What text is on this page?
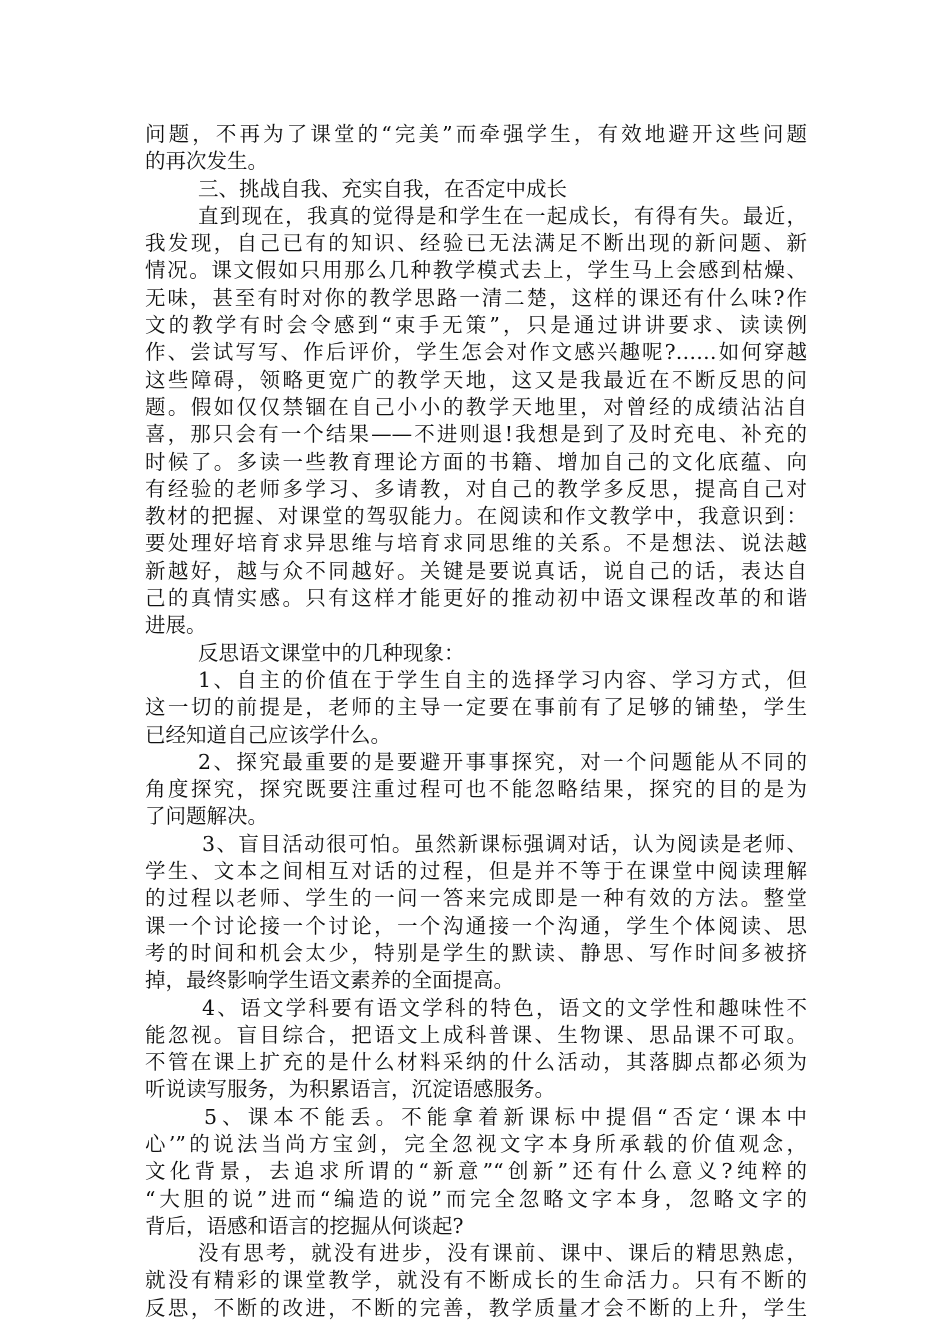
问题，不再为了课堂的“完美”而牵强学生，有效地避开这些问题
的再次发生。
三、挑战自我、充实自我，在否定中成长
直到现在，我真的觉得是和学生在一起成长，有得有失。最近，
我发现，自己已有的知识、经验已无法满足不断出现的新问题、新
情况。课文假如只用那么几种教学模式去上，学生马上会感到枯燥、
无味，甚至有时对你的教学思路一清二楚，这样的课还有什么味?作
文的教学有时会令感到“束手无策”，只是通过讲讲要求、读读例
作、尝试写写、作后评价，学生怎会对作文感兴趣呢?……如何穿越
这些障碍，领略更宽广的教学天地，这又是我最近在不断反思的问
题。假如仅仅禁锢在自己小小的教学天地里，对曾经的成绩沾沾自
喜，那只会有一个结果——不进则退!我想是到了及时充电、补充的
时候了。多读一些教育理论方面的书籍、增加自己的文化底蕴、向
有经验的老师多学习、多请教，对自己的教学多反思，提高自己对
教材的把握、对课堂的驾驭能力。在阅读和作文教学中，我意识到：
要处理好培育求异思维与培育求同思维的关系。不是想法、说法越
新越好，越与众不同越好。关键是要说真话，说自己的话，表达自
己的真情实感。只有这样才能更好的推动初中语文课程改革的和谐
进展。
反思语文课堂中的几种现象：
1、自主的价值在于学生自主的选择学习内容、学习方式，但
这一切的前提是，老师的主导一定要在事前有了足够的铺垫，学生
已经知道自己应该学什么。
2、探究最重要的是要避开事事探究，对一个问题能从不同的
角度探究，探究既要注重过程可也不能忽略结果，探究的目的是为
了问题解决。
3、盲目活动很可怕。虽然新课标强调对话，认为阅读是老师、
学生、文本之间相互对话的过程，但是并不等于在课堂中阅读理解
的过程以老师、学生的一问一答来完成即是一种有效的方法。整堂
课一个讨论接一个讨论，一个沟通接一个沟通，学生个体阅读、思
考的时间和机会太少，特别是学生的默读、静思、写作时间多被挤
掉，最终影响学生语文素养的全面提高。
4、语文学科要有语文学科的特色，语文的文学性和趣味性不
能忽视。盲目综合，把语文上成科普课、生物课、思品课不可取。
不管在课上扩充的是什么材料采纳的什么活动，其落脚点都必须为
听说读写服务，为积累语言，沉淀语感服务。
5、课本不能丢。不能拿着新课标中提倡“否定‘课本中
心’”的说法当尚方宝剑，完全忽视文字本身所承载的价值观念，
文化背景，去追求所谓的“新意”“创新”还有什么意义?纯粹的
“大胆的说”进而“编造的说”而完全忽略文字本身，忽略文字的
背后，语感和语言的挖掘从何谈起?
没有思考，就没有进步，没有课前、课中、课后的精思熟虑，
就没有精彩的课堂教学，就没有不断成长的生命活力。只有不断的
反思，不断的改进，不断的完善，教学质量才会不断的上升，学生
